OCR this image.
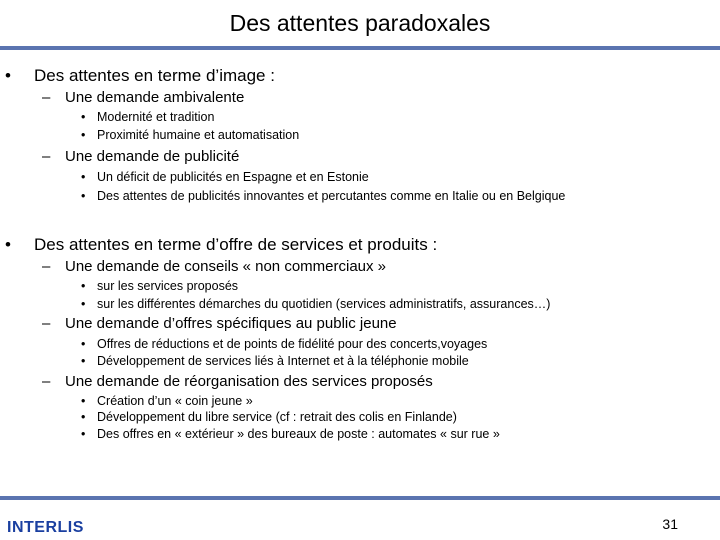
Des attentes paradoxales
• Des attentes en terme d’image :
– Une demande ambivalente
• Modernité et tradition
• Proximité humaine et automatisation
– Une demande de publicité
• Un déficit de publicités en Espagne et en Estonie
• Des attentes de publicités innovantes et percutantes comme en Italie ou en Belgique
• Des attentes en terme d’offre de services et produits :
– Une demande de conseils « non commerciaux »
• sur les services proposés
• sur les différentes démarches du quotidien (services administratifs, assurances…)
– Une demande d’offres spécifiques au public jeune
• Offres de réductions et de points de fidélité pour des concerts,voyages
• Développement de services liés à Internet et à la téléphonie mobile
– Une demande de réorganisation des services proposés
• Création d’un « coin jeune »
• Développement du libre service (cf : retrait des colis en Finlande)
• Des offres en « extérieur » des bureaux de poste : automates « sur rue »
INTERLIS	31
